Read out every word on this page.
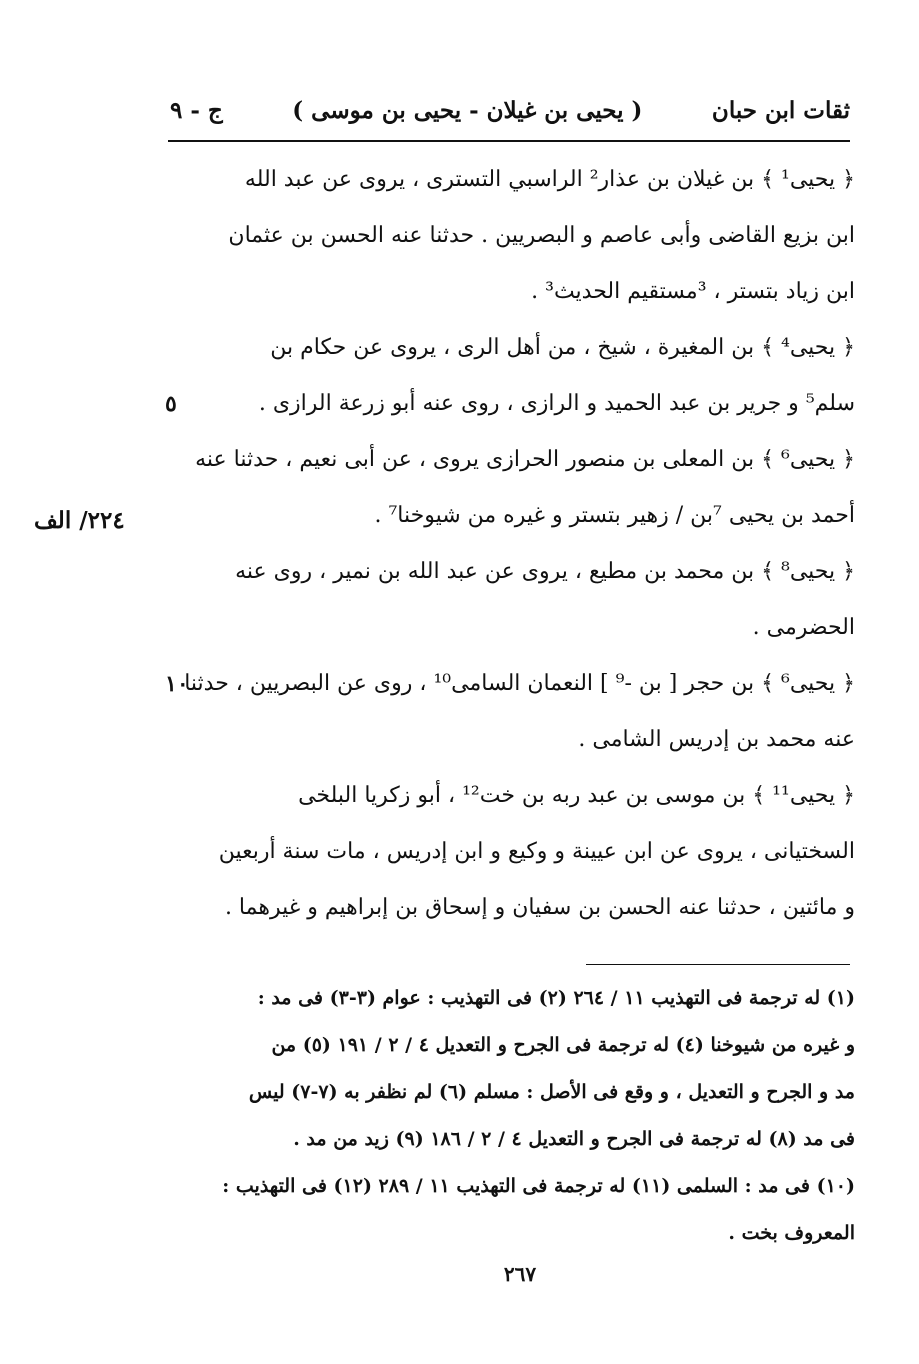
ثقات ابن حبان
( يحيى بن غيلان - يحيى بن موسى )
ج - ٩
٢٢٤/ الف
﴿ يحيى¹ ﴾ بن غيلان بن عذار² الراسبي التسترى ، يروى عن عبد الله
ابن بزيع القاضى وأبى عاصم و البصريين . حدثنا عنه الحسن بن عثمان
ابن زياد بتستر ، ³مستقيم الحديث³ .
﴿ يحيى⁴ ﴾ بن المغيرة ، شيخ ، من أهل الرى ، يروى عن حكام بن
سلم⁵ و جرير بن عبد الحميد و الرازى ، روى عنه أبو زرعة الرازى .
٥
﴿ يحيى⁶ ﴾ بن المعلى بن منصور الحرازى يروى ، عن أبى نعيم ، حدثنا عنه
أحمد بن يحيى ⁷بن / زهير بتستر و غيره من شيوخنا⁷ .
﴿ يحيى⁸ ﴾ بن محمد بن مطيع ، يروى عن عبد الله بن نمير ، روى عنه
الحضرمى .
﴿ يحيى⁶ ﴾ بن حجر [ بن -⁹ ] النعمان السامى¹⁰ ، روى عن البصريين ، حدثنا
١٠
عنه محمد بن إدريس الشامى .
﴿ يحيى¹¹ ﴾ بن موسى بن عبد ربه بن خت¹² ، أبو زكريا البلخى
السختيانى ، يروى عن ابن عيينة و وكيع و ابن إدريس ، مات سنة أربعين
و مائتين ، حدثنا عنه الحسن بن سفيان و إسحاق بن إبراهيم و غيرهما .
(١) له ترجمة فى التهذيب ١١ / ٢٦٤ (٢) فى التهذيب : عوام (٣-٣) فى مد :
و غيره من شيوخنا (٤) له ترجمة فى الجرح و التعديل ٤ / ٢ / ١٩١ (٥) من
مد و الجرح و التعديل ، و وقع فى الأصل : مسلم (٦) لم نظفر به (٧-٧) ليس
فى مد (٨) له ترجمة فى الجرح و التعديل ٤ / ٢ / ١٨٦ (٩) زيد من مد .
(١٠) فى مد : السلمى (١١) له ترجمة فى التهذيب ١١ / ٢٨٩ (١٢) فى التهذيب :
المعروف بخت .
٢٦٧
